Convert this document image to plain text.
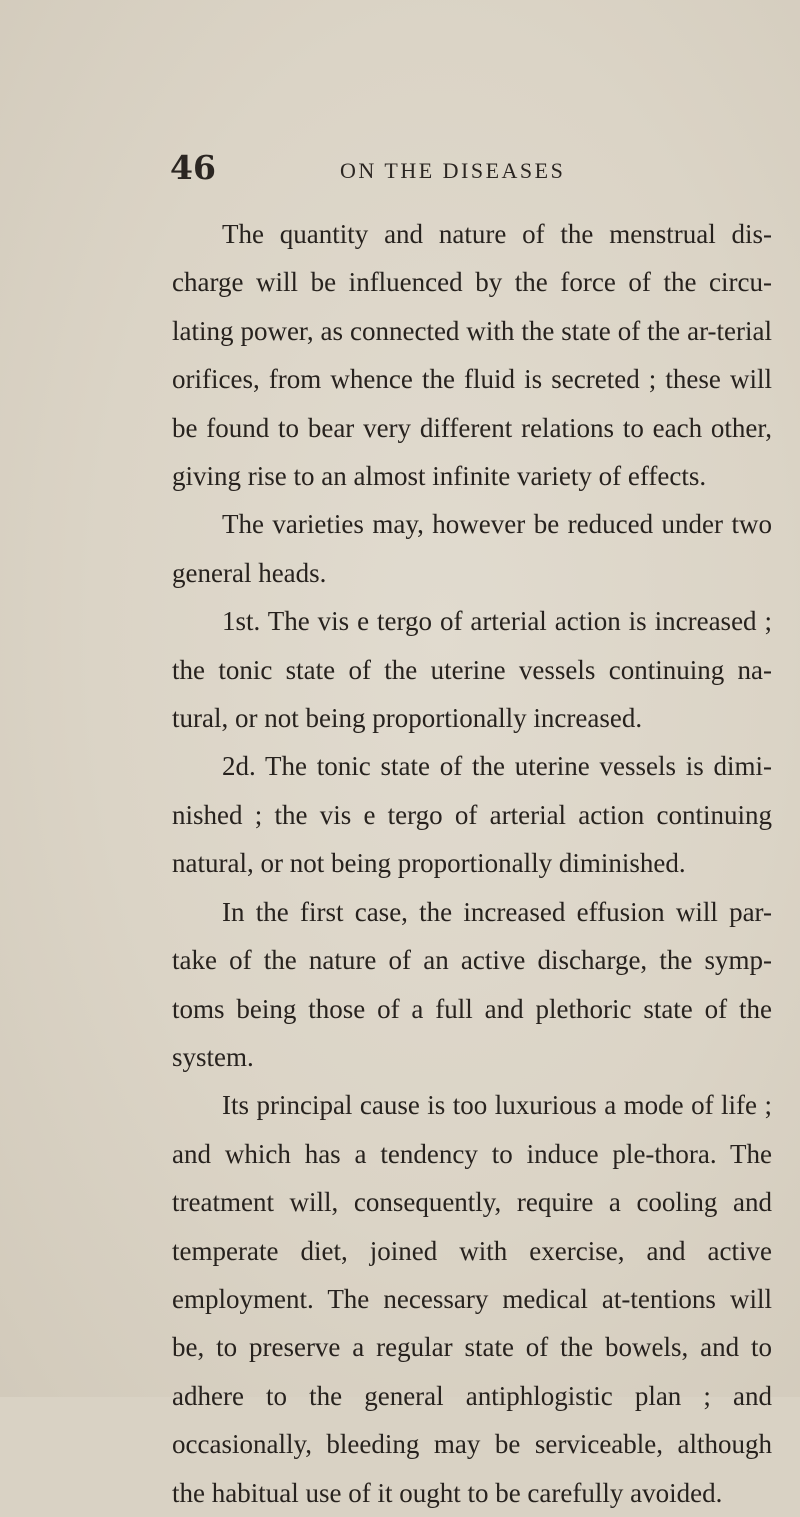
46	ON THE DISEASES

The quantity and nature of the menstrual dis-charge will be influenced by the force of the circu-lating power, as connected with the state of the ar-terial orifices, from whence the fluid is secreted ; these will be found to bear very different relations to each other, giving rise to an almost infinite variety of effects.

The varieties may, however be reduced under two general heads.

1st. The vis e tergo of arterial action is increased ; the tonic state of the uterine vessels continuing na-tural, or not being proportionally increased.

2d. The tonic state of the uterine vessels is dimi-nished ; the vis e tergo of arterial action continuing natural, or not being proportionally diminished.

In the first case, the increased effusion will par-take of the nature of an active discharge, the symp-toms being those of a full and plethoric state of the system.

Its principal cause is too luxurious a mode of life ; and which has a tendency to induce ple-thora. The treatment will, consequently, require a cooling and temperate diet, joined with exercise, and active employment. The necessary medical at-tentions will be, to preserve a regular state of the bowels, and to adhere to the general antiphlogistic plan ; and occasionally, bleeding may be serviceable, although the habitual use of it ought to be carefully avoided.
